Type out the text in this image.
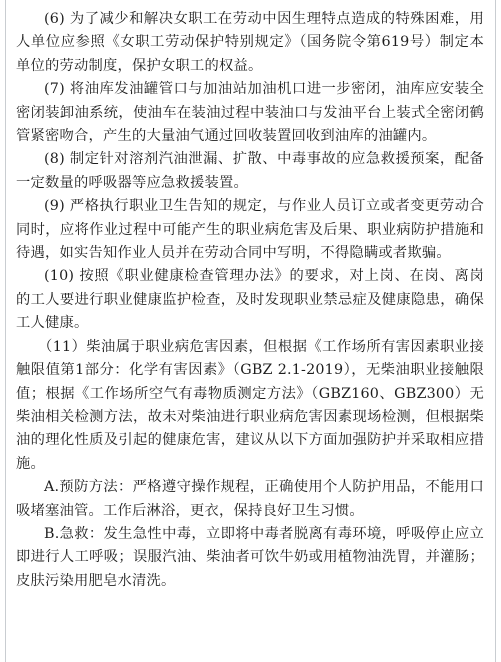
(6) 为了减少和解决女职工在劳动中因生理特点造成的特殊困难，用人单位应参照《女职工劳动保护特别规定》（国务院令第619号）制定本单位的劳动制度，保护女职工的权益。

(7) 将油库发油罐管口与加油站加油机口进一步密闭，油库应安装全密闭装卸油系统，使油车在装油过程中装油口与发油平台上装式全密闭鹤管紧密吻合，产生的大量油气通过回收装置回收到油库的油罐内。

(8) 制定针对溶剂汽油泄漏、扩散、中毒事故的应急救援预案，配备一定数量的呼吸器等应急救援装置。

(9) 严格执行职业卫生告知的规定，与作业人员订立或者变更劳动合同时，应将作业过程中可能产生的职业病危害及后果、职业病防护措施和待遇，如实告知作业人员并在劳动合同中写明，不得隐瞒或者欺骗。

(10) 按照《职业健康检查管理办法》的要求，对上岗、在岗、离岗的工人要进行职业健康监护检查，及时发现职业禁忌症及健康隐患，确保工人健康。

（11）柴油属于职业病危害因素，但根据《工作场所有害因素职业接触限值第1部分：化学有害因素》（GBZ 2.1-2019），无柴油职业接触限值；根据《工作场所空气有毒物质测定方法》（GBZ160、GBZ300）无柴油相关检测方法，故未对柴油进行职业病危害因素现场检测，但根据柴油的理化性质及引起的健康危害，建议从以下方面加强防护并采取相应措施。

A.预防方法：严格遵守操作规程，正确使用个人防护用品，不能用口吸堵塞油管。工作后淋浴，更衣，保持良好卫生习惯。

B.急救：发生急性中毒，立即将中毒者脱离有毒环境，呼吸停止应立即进行人工呼吸；误服汽油、柴油者可饮牛奶或用植物油洗胃，并灌肠；皮肤污染用肥皂水清洗。
